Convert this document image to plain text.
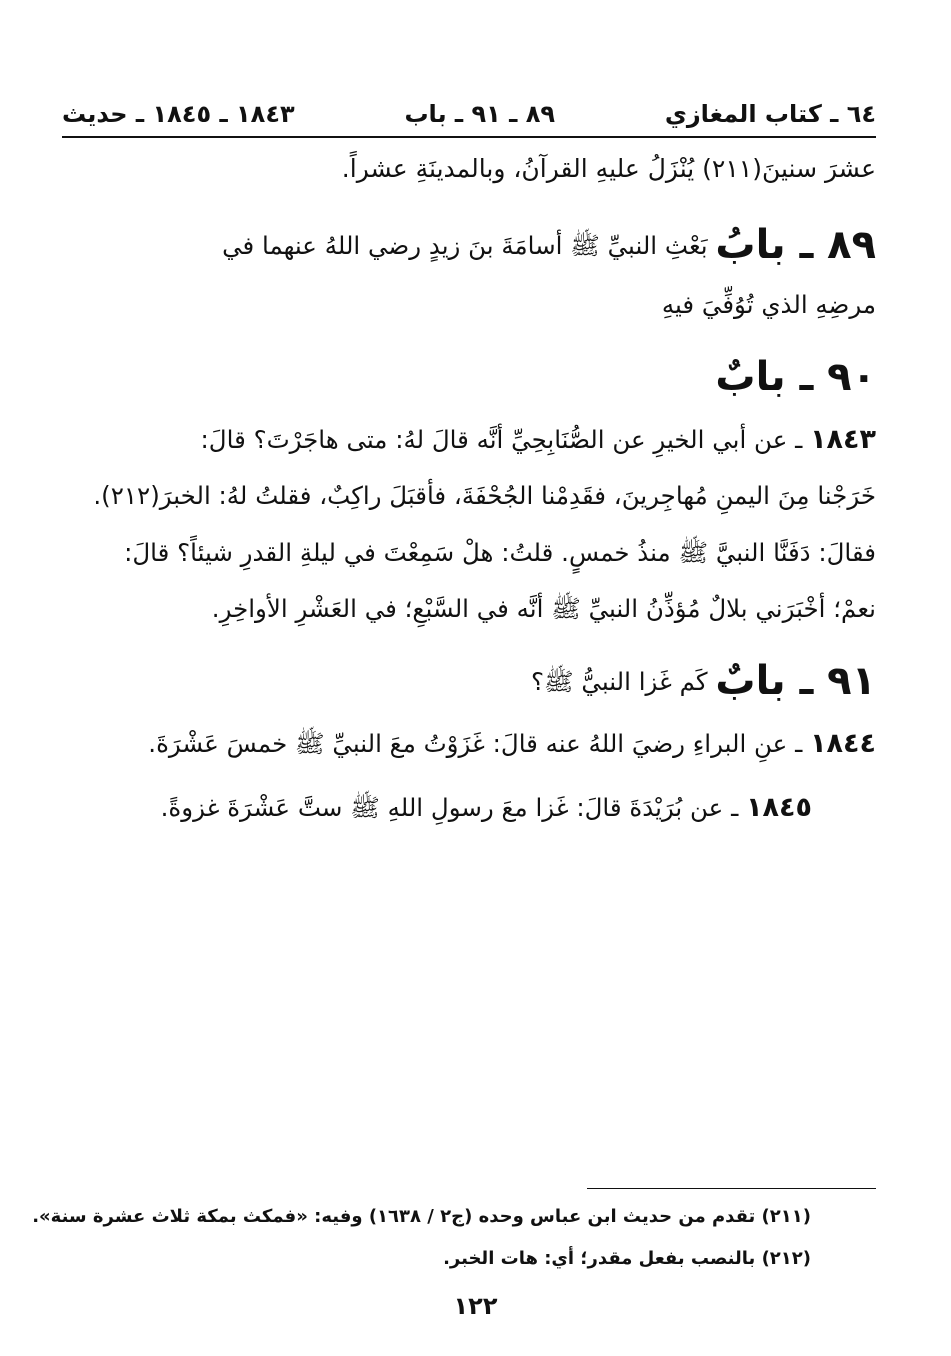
٦٤ ـ كتاب المغازي
٨٩ ـ ٩١ ـ باب
١٨٤٣ ـ ١٨٤٥ ـ حديث
عشرَ سنينَ(٢١١) يُنْزَلُ عليهِ القرآنُ، وبالمدينَةِ عشراً.
٨٩ ـ بابُ بَعْثِ النبيِّ ﷺ أسامَةَ بنَ زيدٍ رضي اللهُ عنهما في
مرضِهِ الذي تُوُفِّيَ فيهِ
٩٠ ـ بابٌ
١٨٤٣ ـ عن أبي الخيرِ عن الصُّنَابِحِيِّ أنَّه قالَ لهُ: متى هاجَرْتَ؟ قالَ:
خَرَجْنا مِنَ اليمنِ مُهاجِرينَ، فقَدِمْنا الجُحْفَةَ، فأقبَلَ راكِبٌ، فقلتُ لهُ: الخبرَ(٢١٢).
فقالَ: دَفَنَّا النبيَّ ﷺ منذُ خمسٍ. قلتُ: هلْ سَمِعْتَ في ليلةِ القدرِ شيئاً؟ قالَ:
نعمْ؛ أخْبَرَني بلالٌ مُؤذِّنُ النبيِّ ﷺ أنَّه في السَّبْعِ؛ في العَشْرِ الأواخِرِ.
٩١ ـ بابٌ كَم غَزا النبيُّ ﷺ؟
١٨٤٤ ـ عنِ البراءِ رضيَ اللهُ عنه قالَ: غَزَوْتُ معَ النبيِّ ﷺ خمسَ عَشْرَةَ.
١٨٤٥ ـ عن بُرَيْدَةَ قالَ: غَزا معَ رسولِ اللهِ ﷺ ستَّ عَشْرَةَ غزوةً.
(٢١١) تقدم من حديث ابن عباس وحده (ج٢ / ١٦٣٨) وفيه: «فمكث بمكة ثلاث عشرة سنة».
(٢١٢) بالنصب بفعل مقدر؛ أي: هات الخبر.
١٢٢
